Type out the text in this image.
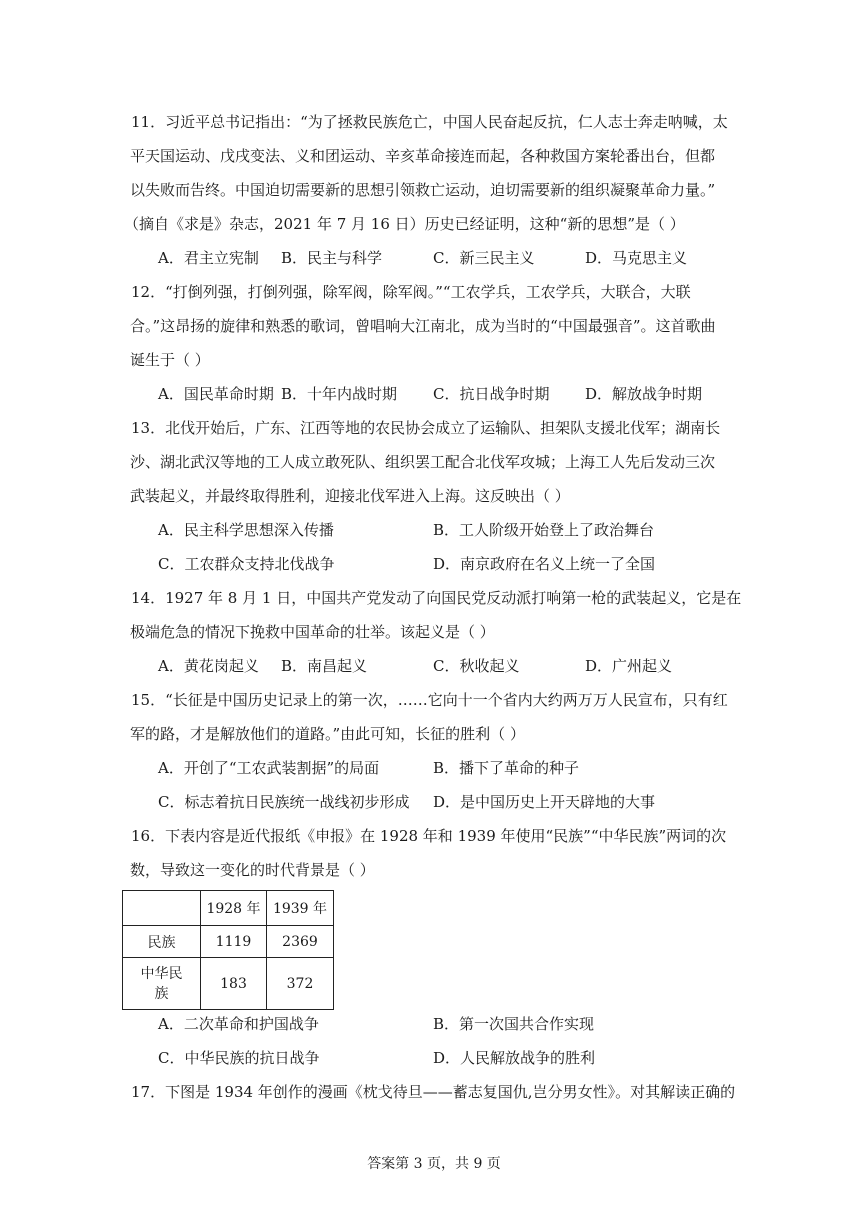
11．习近平总书记指出：“为了拯救民族危亡，中国人民奋起反抗，仁人志士奔走呐喊，太
平天国运动、戊戌变法、义和团运动、辛亥革命接连而起，各种救国方案轮番出台，但都
以失败而告终。中国迫切需要新的思想引领救亡运动，迫切需要新的组织凝聚革命力量。”
（摘自《求是》杂志，2021 年 7 月 16 日）历史已经证明，这种“新的思想”是（ ）
A．君主立宪制 B．民主与科学	C．新三民主义	D．马克思主义
12．“打倒列强，打倒列强，除军阀，除军阀。”“工农学兵，工农学兵，大联合，大联
合。”这昂扬的旋律和熟悉的歌词，曾唱响大江南北，成为当时的“中国最强音”。这首歌曲
诞生于（ ）
A．国民革命时期 B．十年内战时期 C．抗日战争时期 D．解放战争时期
13．北伐开始后，广东、江西等地的农民协会成立了运输队、担架队支援北伐军；湖南长
沙、湖北武汉等地的工人成立敢死队、组织罢工配合北伐军攻城；上海工人先后发动三次
武装起义，并最终取得胜利，迎接北伐军进入上海。这反映出（ ）
A．民主科学思想深入传播	B．工人阶级开始登上了政治舞台
C．工农群众支持北伐战争	D．南京政府在名义上统一了全国
14．1927 年 8 月 1 日，中国共产党发动了向国民党反动派打响第一枪的武装起义，它是在
极端危急的情况下挽救中国革命的壮举。该起义是（ ）
A．黄花岗起义 B．南昌起义	C．秋收起义	D．广州起义
15．“长征是中国历史记录上的第一次，……它向十一个省内大约两万万人民宣布，只有红
军的路，才是解放他们的道路。”由此可知，长征的胜利（ ）
A．开创了“工农武装割据”的局面	B．播下了革命的种子
C．标志着抗日民族统一战线初步形成 D．是中国历史上开天辟地的大事
16．下表内容是近代报纸《申报》在 1928 年和 1939 年使用“民族”“中华民族”两词的次
数，导致这一变化的时代背景是（ ）
	1928 年	1939 年
民族	1119	2369
中华民族	183	372
A．二次革命和护国战争	B．第一次国共合作实现
C．中华民族的抗日战争	D．人民解放战争的胜利
17．下图是 1934 年创作的漫画《枕戈待旦——蓄志复国仇,岂分男女性》。对其解读正确的
答案第 3 页，共 9 页
